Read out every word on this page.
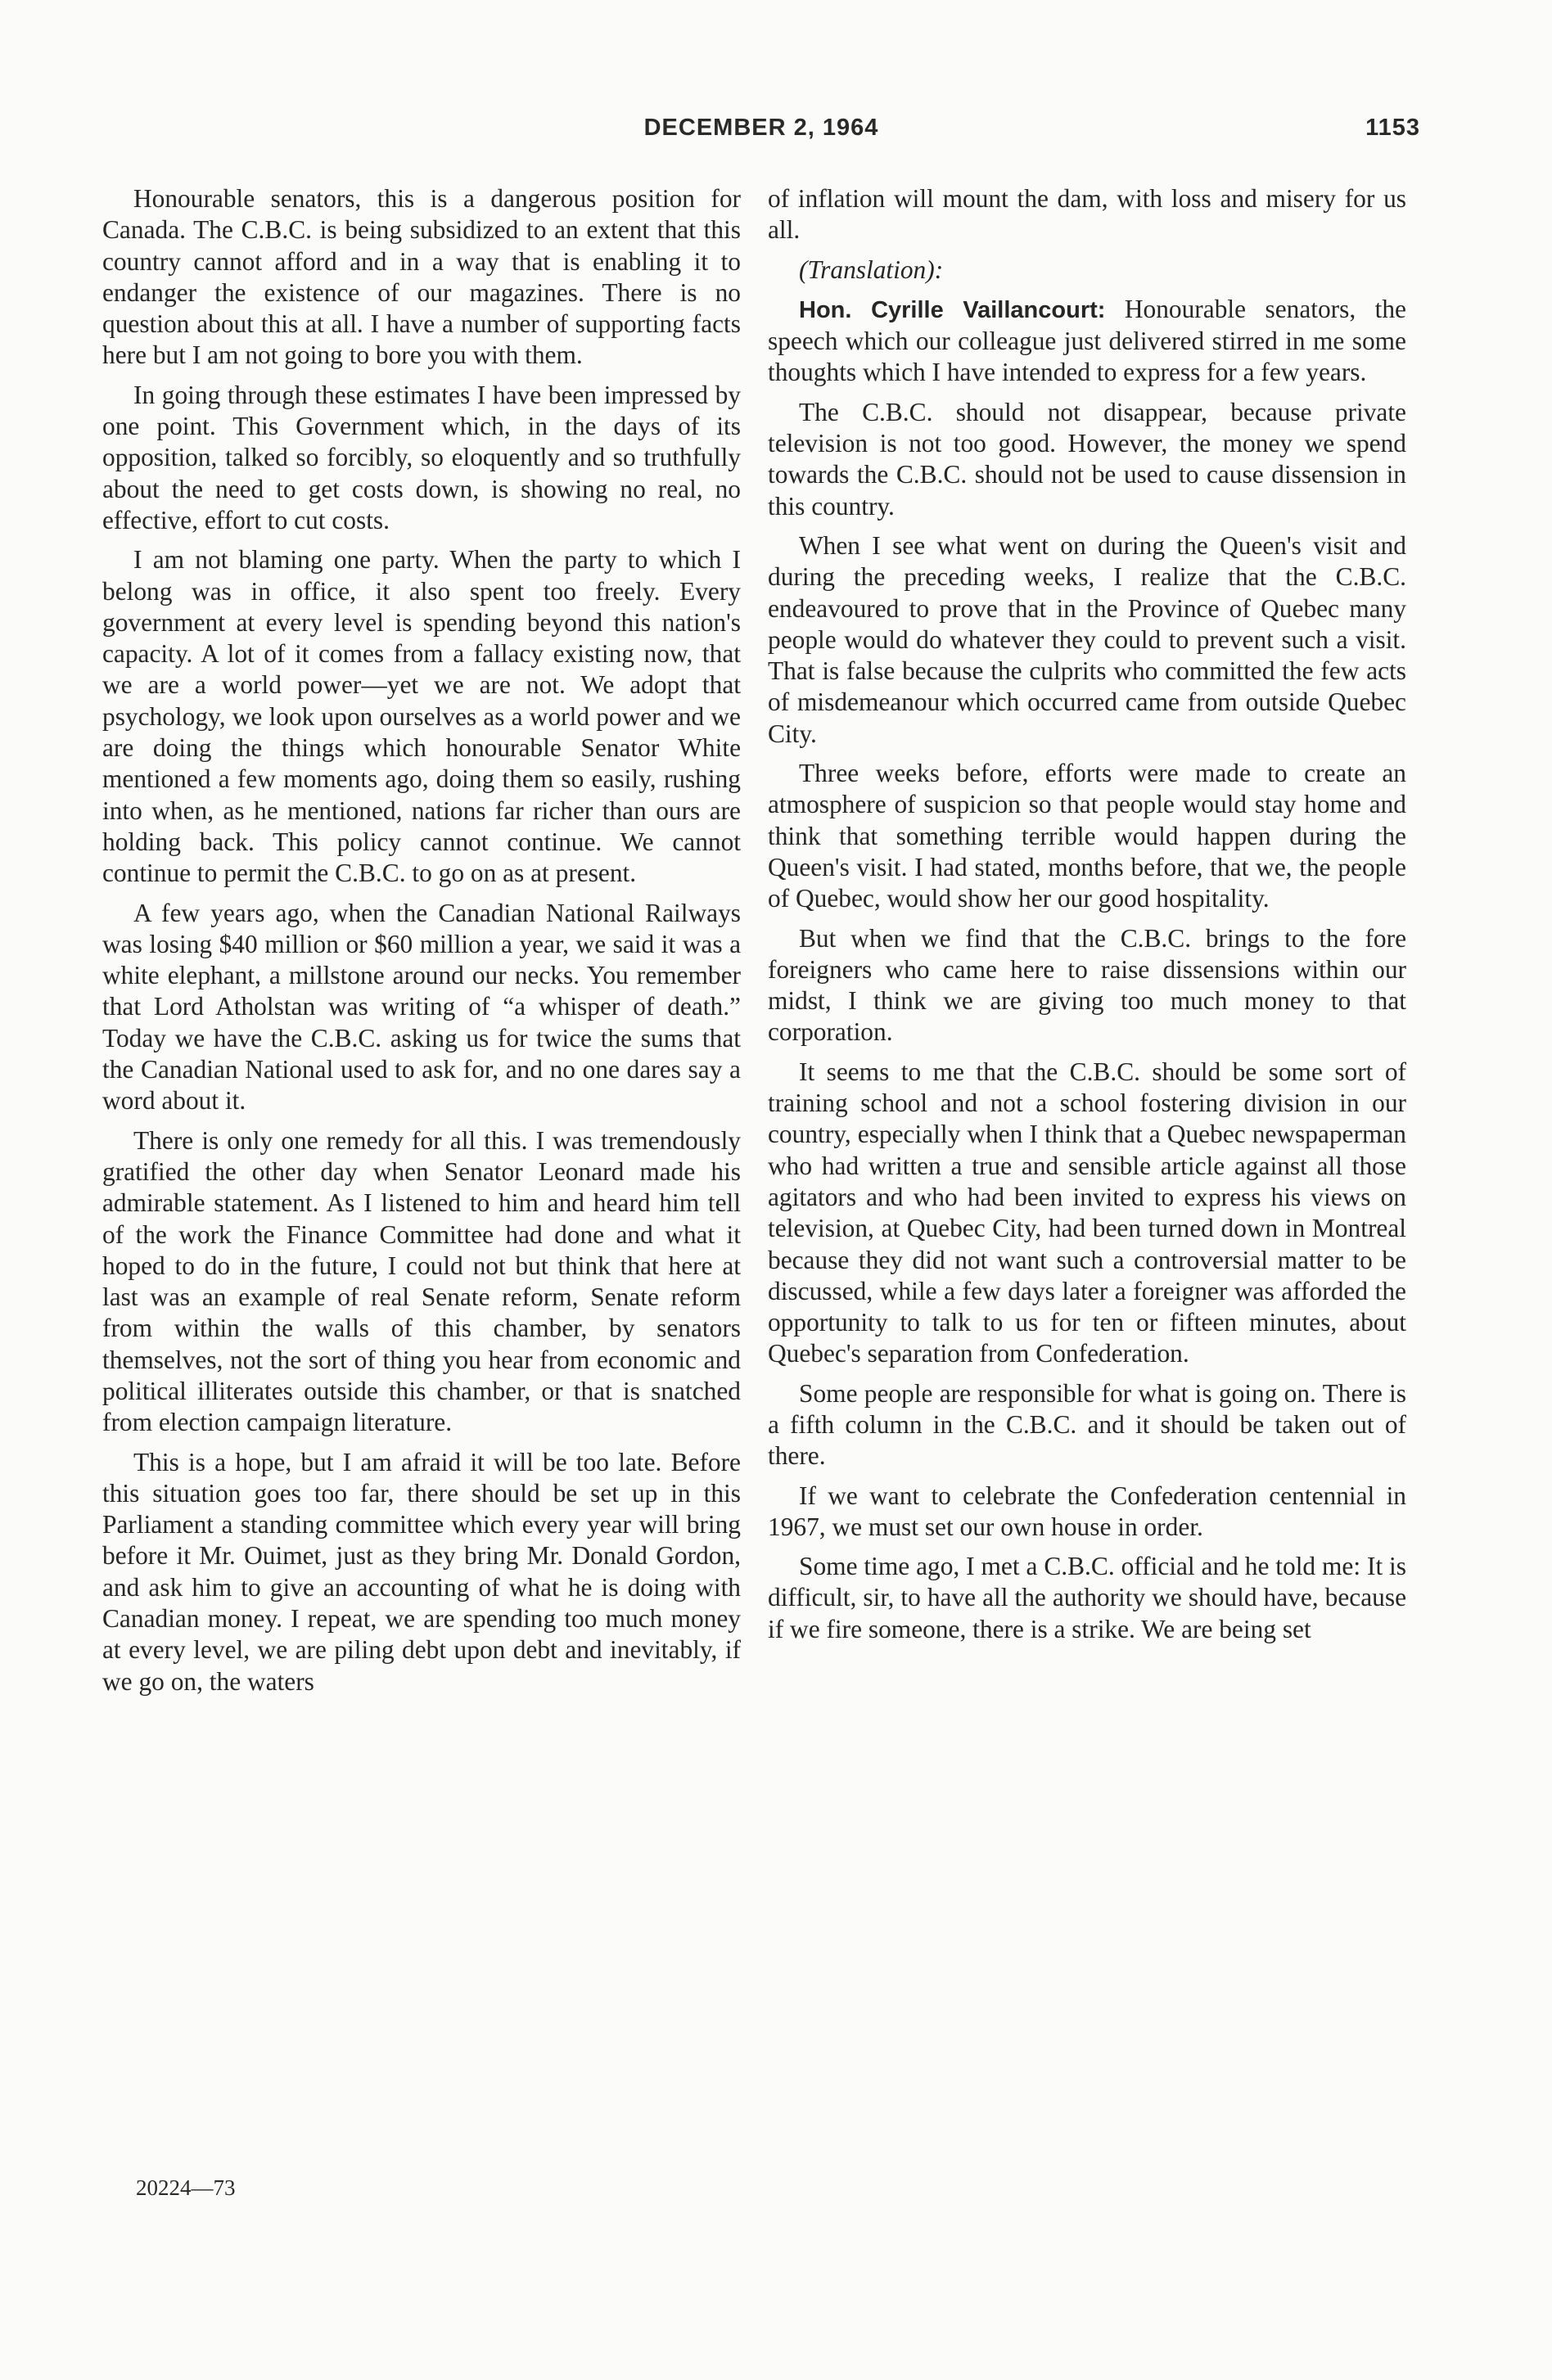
DECEMBER 2, 1964	1153

Honourable senators, this is a dangerous position for Canada. The C.B.C. is being subsidized to an extent that this country cannot afford and in a way that is enabling it to endanger the existence of our magazines. There is no question about this at all. I have a number of supporting facts here but I am not going to bore you with them.

In going through these estimates I have been impressed by one point. This Government which, in the days of its opposition, talked so forcibly, so eloquently and so truthfully about the need to get costs down, is showing no real, no effective, effort to cut costs.

I am not blaming one party. When the party to which I belong was in office, it also spent too freely. Every government at every level is spending beyond this nation's capacity. A lot of it comes from a fallacy existing now, that we are a world power—yet we are not. We adopt that psychology, we look upon ourselves as a world power and we are doing the things which honourable Senator White mentioned a few moments ago, doing them so easily, rushing into when, as he mentioned, nations far richer than ours are holding back. This policy cannot continue. We cannot continue to permit the C.B.C. to go on as at present.

A few years ago, when the Canadian National Railways was losing $40 million or $60 million a year, we said it was a white elephant, a millstone around our necks. You remember that Lord Atholstan was writing of “a whisper of death.” Today we have the C.B.C. asking us for twice the sums that the Canadian National used to ask for, and no one dares say a word about it.

There is only one remedy for all this. I was tremendously gratified the other day when Senator Leonard made his admirable statement. As I listened to him and heard him tell of the work the Finance Committee had done and what it hoped to do in the future, I could not but think that here at last was an example of real Senate reform, Senate reform from within the walls of this chamber, by senators themselves, not the sort of thing you hear from economic and political illiterates outside this chamber, or that is snatched from election campaign literature.

This is a hope, but I am afraid it will be too late. Before this situation goes too far, there should be set up in this Parliament a standing committee which every year will bring before it Mr. Ouimet, just as they bring Mr. Donald Gordon, and ask him to give an accounting of what he is doing with Canadian money. I repeat, we are spending too much money at every level, we are piling debt upon debt and inevitably, if we go on, the waters

of inflation will mount the dam, with loss and misery for us all.

(Translation):

Hon. Cyrille Vaillancourt: Honourable senators, the speech which our colleague just delivered stirred in me some thoughts which I have intended to express for a few years.

The C.B.C. should not disappear, because private television is not too good. However, the money we spend towards the C.B.C. should not be used to cause dissension in this country.

When I see what went on during the Queen's visit and during the preceding weeks, I realize that the C.B.C. endeavoured to prove that in the Province of Quebec many people would do whatever they could to prevent such a visit. That is false because the culprits who committed the few acts of misdemeanour which occurred came from outside Quebec City.

Three weeks before, efforts were made to create an atmosphere of suspicion so that people would stay home and think that something terrible would happen during the Queen's visit. I had stated, months before, that we, the people of Quebec, would show her our good hospitality.

But when we find that the C.B.C. brings to the fore foreigners who came here to raise dissensions within our midst, I think we are giving too much money to that corporation.

It seems to me that the C.B.C. should be some sort of training school and not a school fostering division in our country, especially when I think that a Quebec newspaperman who had written a true and sensible article against all those agitators and who had been invited to express his views on television, at Quebec City, had been turned down in Montreal because they did not want such a controversial matter to be discussed, while a few days later a foreigner was afforded the opportunity to talk to us for ten or fifteen minutes, about Quebec's separation from Confederation.

Some people are responsible for what is going on. There is a fifth column in the C.B.C. and it should be taken out of there.

If we want to celebrate the Confederation centennial in 1967, we must set our own house in order.

Some time ago, I met a C.B.C. official and he told me: It is difficult, sir, to have all the authority we should have, because if we fire someone, there is a strike. We are being set

20224—73
